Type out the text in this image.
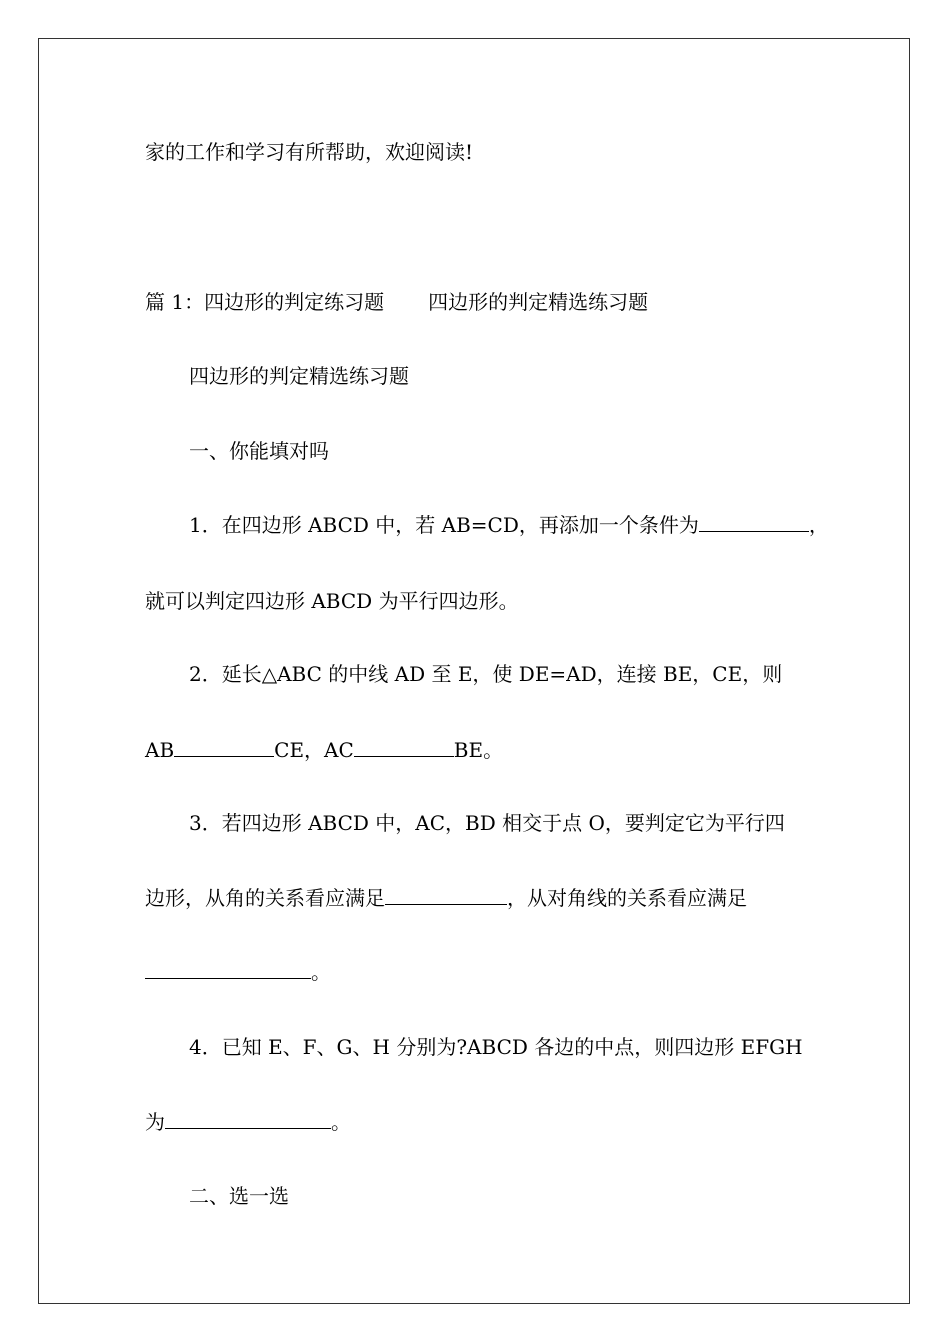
家的工作和学习有所帮助，欢迎阅读!
篇 1：四边形的判定练习题 四边形的判定精选练习题
四边形的判定精选练习题
一、你能填对吗
1．在四边形 ABCD 中，若 AB=CD，再添加一个条件为	，
就可以判定四边形 ABCD 为平行四边形。
2．延长△ABC 的中线 AD 至 E，使 DE=AD，连接 BE，CE，则
AB	CE，AC	BE。
3．若四边形 ABCD 中，AC，BD 相交于点 O，要判定它为平行四
边形，从角的关系看应满足	，从对角线的关系看应满足
。
4．已知 E、F、G、H 分别为?ABCD 各边的中点，则四边形 EFGH
为	。
二、选一选
